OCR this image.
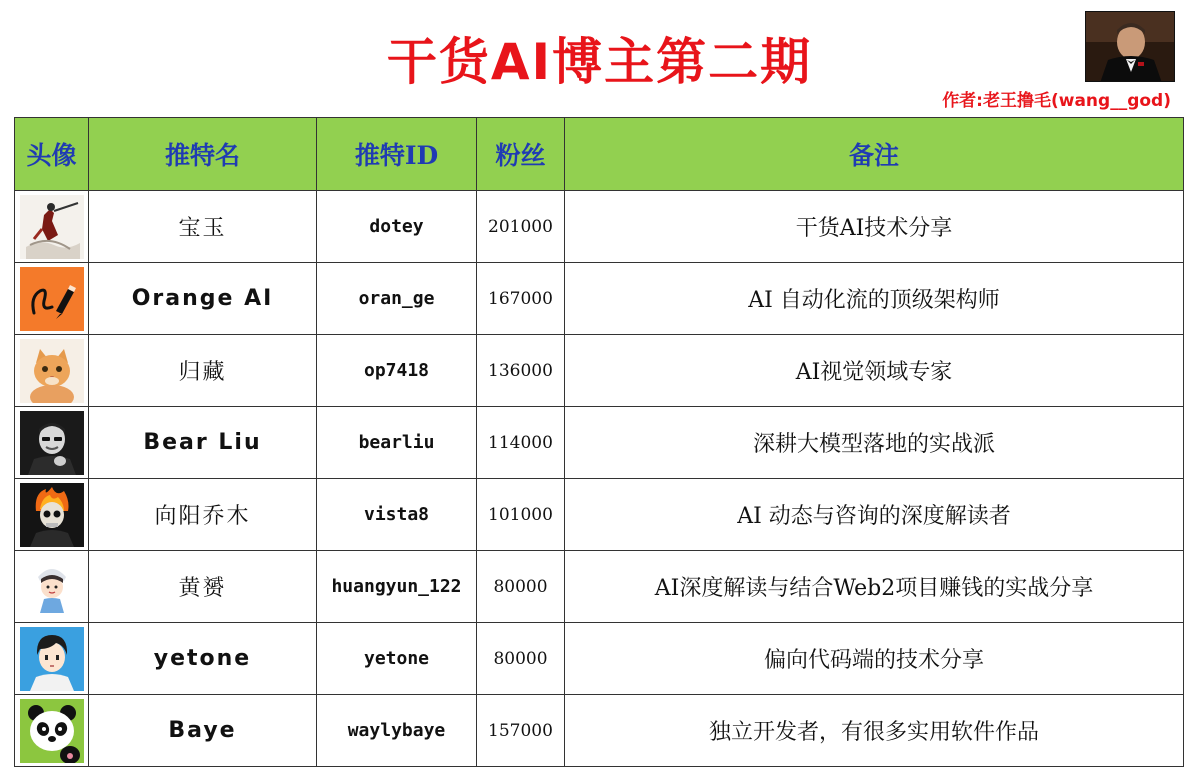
干货AI博主第二期
作者:老王撸毛(wang__god)
头像	推特名	推特ID	粉丝	备注

	宝玉	dotey	201000	干货AI技术分享

	Orange AI	oran_ge	167000	AI 自动化流的顶级架构师

	归藏	op7418	136000	AI视觉领域专家

	Bear Liu	bearliu	114000	深耕大模型落地的实战派

	向阳乔木	vista8	101000	AI 动态与咨询的深度解读者

	黄赟	huangyun_122	80000	AI深度解读与结合Web2项目赚钱的实战分享

	yetone	yetone	80000	偏向代码端的技术分享

	Baye	waylybaye	157000	独立开发者，有很多实用软件作品
